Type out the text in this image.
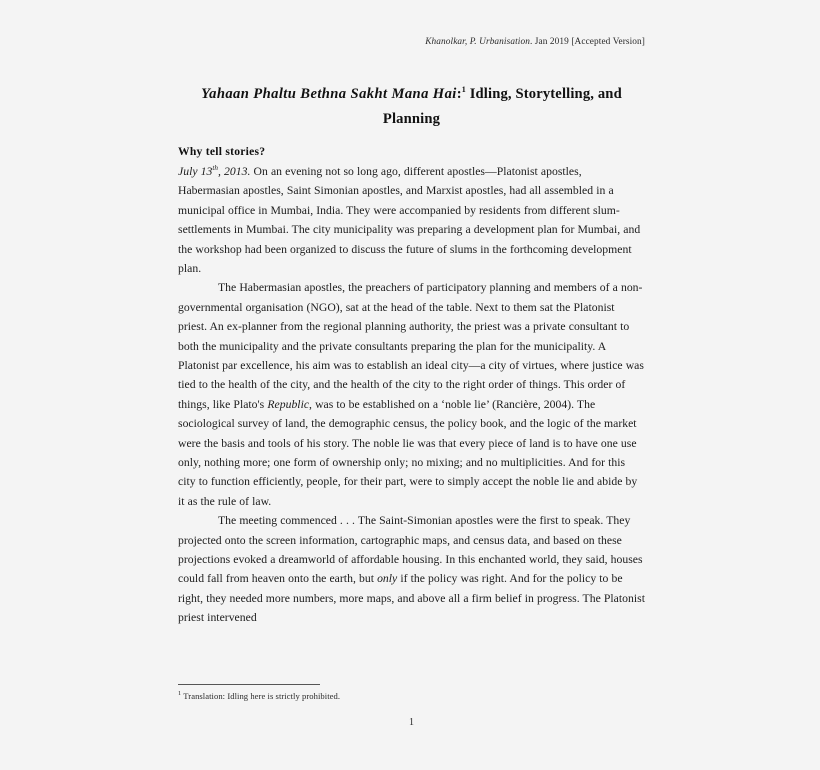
Khanolkar, P. Urbanisation. Jan 2019 [Accepted Version]
Yahaan Phaltu Bethna Sakht Mana Hai:$^1$ Idling, Storytelling, and Planning
Why tell stories?

July 13th, 2013. On an evening not so long ago, different apostles—Platonist apostles, Habermasian apostles, Saint Simonian apostles, and Marxist apostles, had all assembled in a municipal office in Mumbai, India. They were accompanied by residents from different slum-settlements in Mumbai. The city municipality was preparing a development plan for Mumbai, and the workshop had been organized to discuss the future of slums in the forthcoming development plan.

The Habermasian apostles, the preachers of participatory planning and members of a non-governmental organisation (NGO), sat at the head of the table. Next to them sat the Platonist priest. An ex-planner from the regional planning authority, the priest was a private consultant to both the municipality and the private consultants preparing the plan for the municipality. A Platonist par excellence, his aim was to establish an ideal city—a city of virtues, where justice was tied to the health of the city, and the health of the city to the right order of things. This order of things, like Plato's Republic, was to be established on a ‘noble lie’ (Rancière, 2004). The sociological survey of land, the demographic census, the policy book, and the logic of the market were the basis and tools of his story. The noble lie was that every piece of land is to have one use only, nothing more; one form of ownership only; no mixing; and no multiplicities. And for this city to function efficiently, people, for their part, were to simply accept the noble lie and abide by it as the rule of law.

The meeting commenced . . . The Saint-Simonian apostles were the first to speak. They projected onto the screen information, cartographic maps, and census data, and based on these projections evoked a dreamworld of affordable housing. In this enchanted world, they said, houses could fall from heaven onto the earth, but only if the policy was right. And for the policy to be right, they needed more numbers, more maps, and above all a firm belief in progress. The Platonist priest intervened

$^1$ Translation: Idling here is strictly prohibited.

1
